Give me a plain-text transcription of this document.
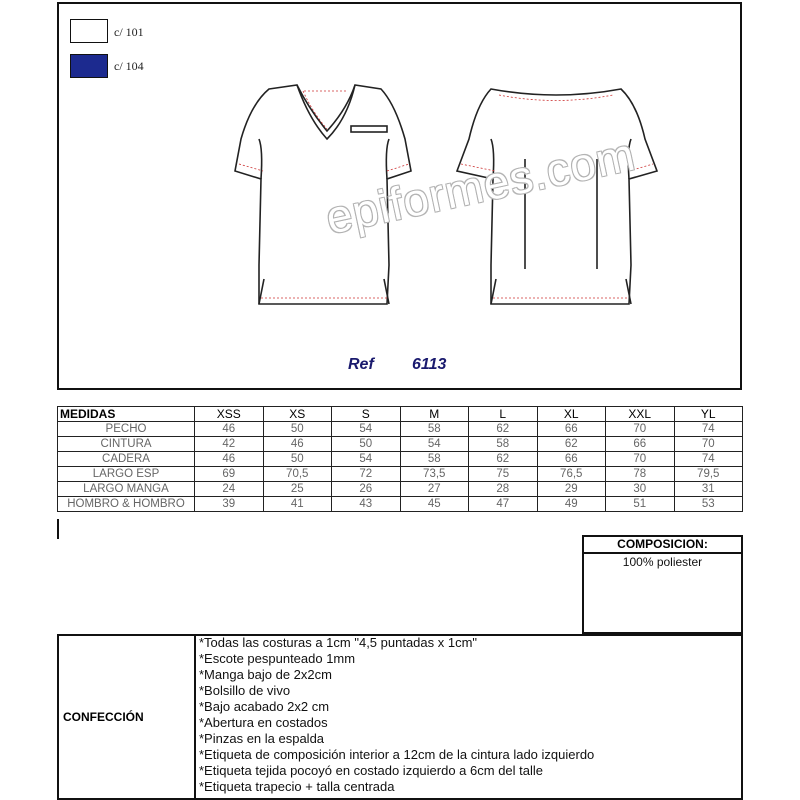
c/ 101
c/ 104
epiformes.com
Ref 6113
MEDIDAS	XSS	XS	S	M	L	XL	XXL	YL
PECHO	46	50	54	58	62	66	70	74
CINTURA	42	46	50	54	58	62	66	70
CADERA	46	50	54	58	62	66	70	74
LARGO ESP	69	70,5	72	73,5	75	76,5	78	79,5
LARGO MANGA	24	25	26	27	28	29	30	31
HOMBRO & HOMBRO	39	41	43	45	47	49	51	53
COMPOSICION:
100% poliester
CONFECCIÓN
*Todas las costuras a 1cm "4,5 puntadas x 1cm"
*Escote pespunteado 1mm
*Manga bajo de 2x2cm
*Bolsillo de vivo
*Bajo acabado 2x2 cm
*Abertura en costados
*Pinzas en la espalda
*Etiqueta de composición interior a 12cm de la cintura lado izquierdo
*Etiqueta tejida pocoyó en costado izquierdo a 6cm del talle
*Etiqueta trapecio + talla centrada
